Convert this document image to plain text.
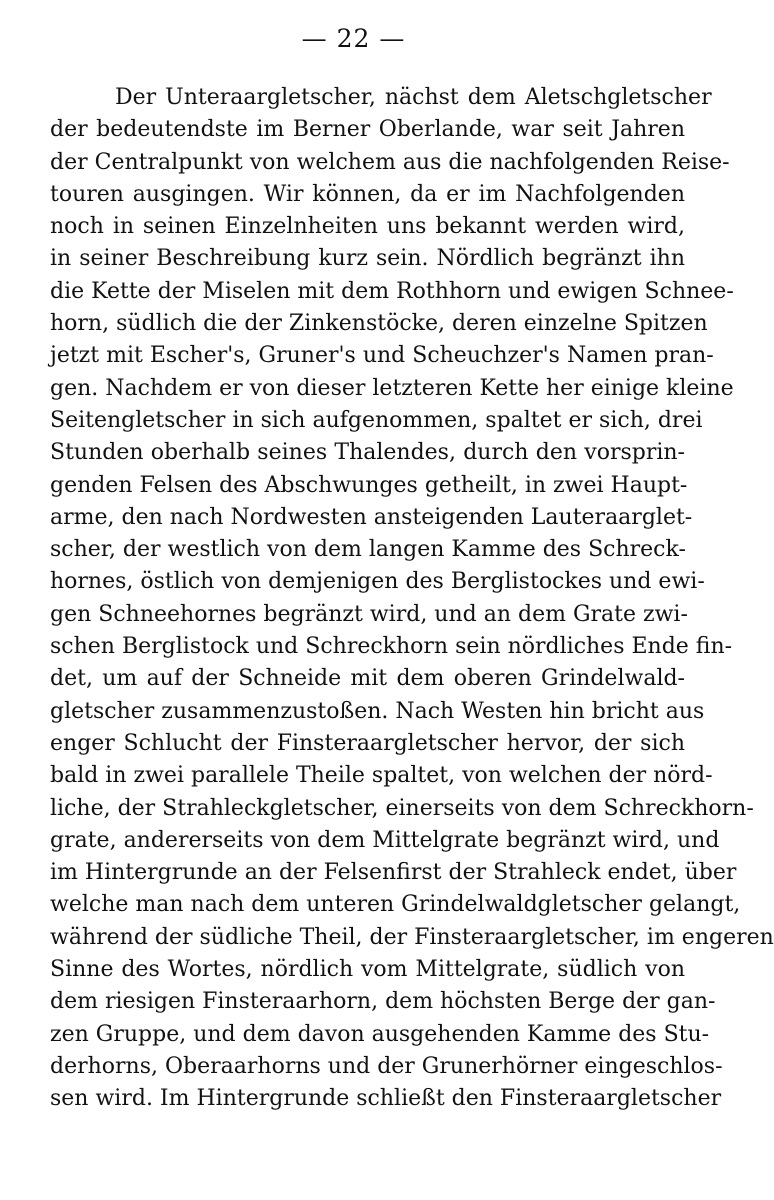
— 22 —
Der Unteraargletscher, nächst dem Aletschgletscher
der bedeutendste im Berner Oberlande, war seit Jahren
der Centralpunkt von welchem aus die nachfolgenden Reise-
touren ausgingen. Wir können, da er im Nachfolgenden
noch in seinen Einzelnheiten uns bekannt werden wird,
in seiner Beschreibung kurz sein. Nördlich begränzt ihn
die Kette der Miselen mit dem Rothhorn und ewigen Schnee-
horn, südlich die der Zinkenstöcke, deren einzelne Spitzen
jetzt mit Escher's, Gruner's und Scheuchzer's Namen pran-
gen. Nachdem er von dieser letzteren Kette her einige kleine
Seitengletscher in sich aufgenommen, spaltet er sich, drei
Stunden oberhalb seines Thalendes, durch den vorsprin-
genden Felsen des Abschwunges getheilt, in zwei Haupt-
arme, den nach Nordwesten ansteigenden Lauteraarglet-
scher, der westlich von dem langen Kamme des Schreck-
hornes, östlich von demjenigen des Berglistockes und ewi-
gen Schneehornes begränzt wird, und an dem Grate zwi-
schen Berglistock und Schreckhorn sein nördliches Ende fin-
det, um auf der Schneide mit dem oberen Grindelwald-
gletscher zusammenzustoßen. Nach Westen hin bricht aus
enger Schlucht der Finsteraargletscher hervor, der sich
bald in zwei parallele Theile spaltet, von welchen der nörd-
liche, der Strahleckgletscher, einerseits von dem Schreckhorn-
grate, andererseits von dem Mittelgrate begränzt wird, und
im Hintergrunde an der Felsenfirst der Strahleck endet, über
welche man nach dem unteren Grindelwaldgletscher gelangt,
während der südliche Theil, der Finsteraargletscher, im engeren
Sinne des Wortes, nördlich vom Mittelgrate, südlich von
dem riesigen Finsteraarhorn, dem höchsten Berge der gan-
zen Gruppe, und dem davon ausgehenden Kamme des Stu-
derhorns, Oberaarhorns und der Grunerhörner eingeschlos-
sen wird. Im Hintergrunde schließt den Finsteraargletscher
